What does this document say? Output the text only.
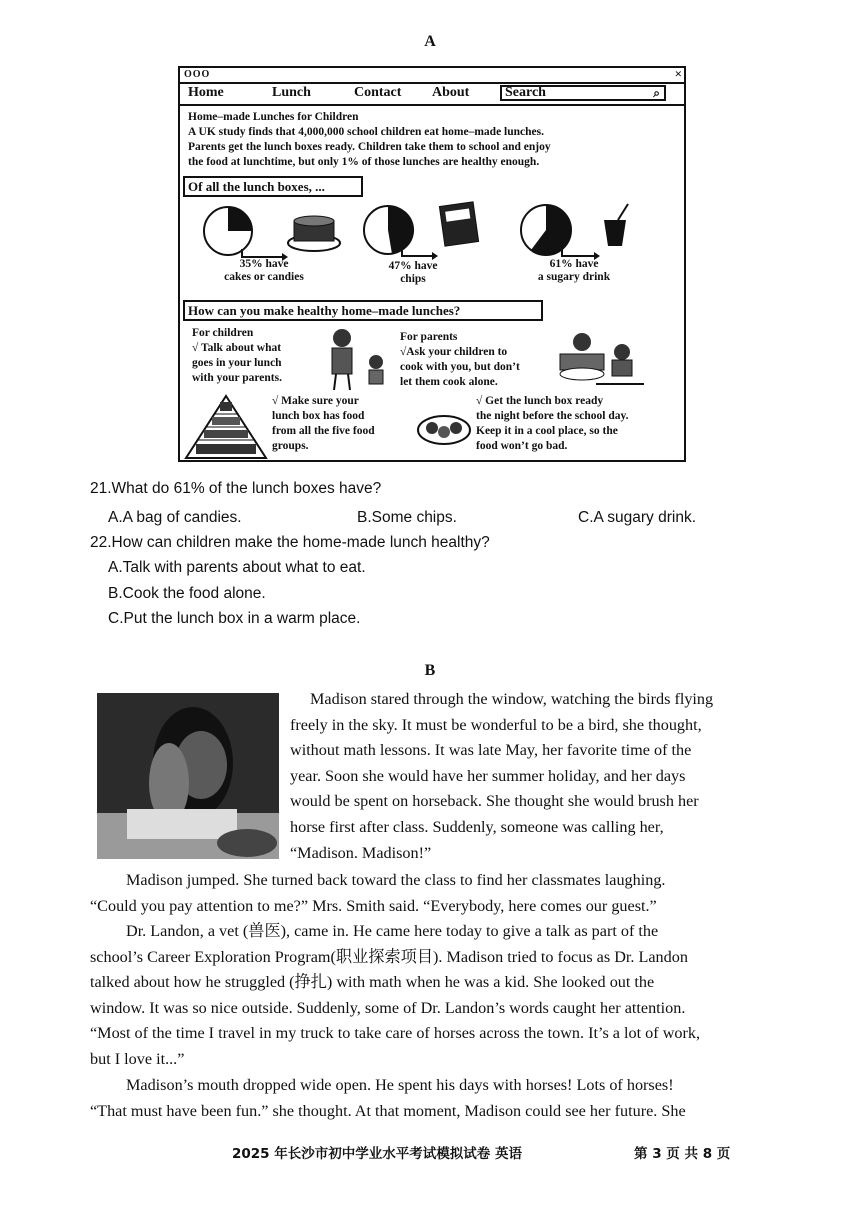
A
OOO	×
Home	Lunch	Contact About	Search	⌕
Home–made Lunches for Children
A UK study finds that 4,000,000 school children eat home–made lunches.
Parents get the lunch boxes ready. Children take them to school and enjoy
the food at lunchtime, but only 1% of those lunches are healthy enough.
Of all the lunch boxes, ...
35% have
cakes or candies
47% have
chips
61% have
a sugary drink
How can you make healthy home–made lunches?
For children
√ Talk about what
goes in your lunch
with your parents.
For parents
√Ask your children to
cook with you, but don’t
let them cook alone.
√ Make sure your
lunch box has food
from all the five food
groups.
√ Get the lunch box ready
the night before the school day.
Keep it in a cool place, so the
food won’t go bad.
21.What do 61% of the lunch boxes have?
A.A bag of candies.	B.Some chips.	C.A sugary drink.
22.How can children make the home-made lunch healthy?
A.Talk with parents about what to eat.
B.Cook the food alone.
C.Put the lunch box in a warm place.
B
Madison stared through the window, watching the birds flying
freely in the sky. It must be wonderful to be a bird, she thought,
without math lessons. It was late May, her favorite time of the
year. Soon she would have her summer holiday, and her days
would be spent on horseback. She thought she would brush her
horse first after class. Suddenly, someone was calling her,
“Madison. Madison!”
Madison jumped. She turned back toward the class to find her classmates laughing.
“Could you pay attention to me?” Mrs. Smith said. “Everybody, here comes our guest.”
Dr. Landon, a vet (兽医), came in. He came here today to give a talk as part of the
school’s Career Exploration Program(职业探索项目). Madison tried to focus as Dr. Landon
talked about how he struggled (挣扎) with math when he was a kid. She looked out the
window. It was so nice outside. Suddenly, some of Dr. Landon’s words caught her attention.
“Most of the time I travel in my truck to take care of horses across the town. It’s a lot of work,
but I love it...”
Madison’s mouth dropped wide open. He spent his days with horses! Lots of horses!
“That must have been fun.” she thought. At that moment, Madison could see her future. She
2025 年长沙市初中学业水平考试模拟试卷 英语	第 3 页 共 8 页
